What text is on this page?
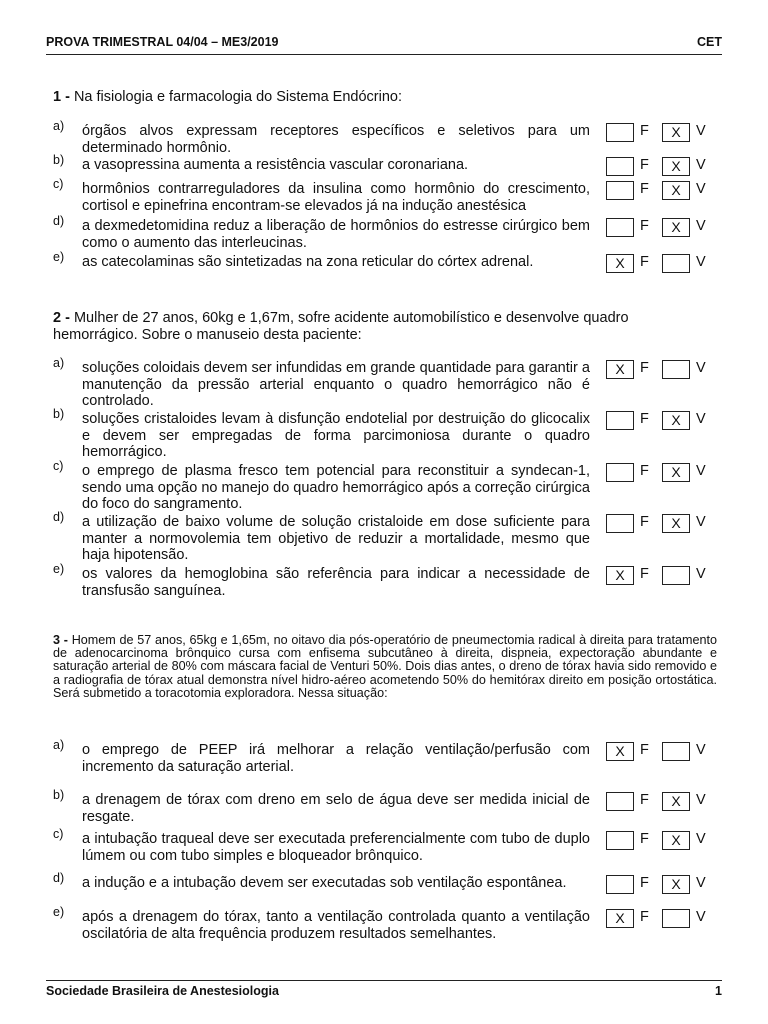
PROVA TRIMESTRAL 04/04 – ME3/2019	CET
1 - Na fisiologia e farmacologia do Sistema Endócrino:
a) órgãos alvos expressam receptores específicos e seletivos para um determinado hormônio.
F	X	V
b) a vasopressina aumenta a resistência vascular coronariana.	F	X	V
c) hormônios contrarreguladores da insulina como hormônio do crescimento, cortisol e epinefrina encontram-se elevados já na indução anestésica
F	X	V
d) a dexmedetomidina reduz a liberação de hormônios do estresse cirúrgico bem como o aumento das interleucinas.
F	X	V
e) as catecolaminas são sintetizadas na zona reticular do córtex adrenal.	X	F	V
2 - Mulher de 27 anos, 60kg e 1,67m, sofre acidente automobilístico e desenvolve quadro hemorrágico. Sobre o manuseio desta paciente:
a) soluções coloidais devem ser infundidas em grande quantidade para garantir a manutenção da pressão arterial enquanto o quadro hemorrágico não é controlado.
X	F	V
b) soluções cristaloides levam à disfunção endotelial por destruição do glicocalix e devem ser empregadas de forma parcimoniosa durante o quadro hemorrágico.
F	X	V
c) o emprego de plasma fresco tem potencial para reconstituir a syndecan-1, sendo uma opção no manejo do quadro hemorrágico após a correção cirúrgica do foco do sangramento.
F	X	V
d) a utilização de baixo volume de solução cristaloide em dose suficiente para manter a normovolemia tem objetivo de reduzir a mortalidade, mesmo que haja hipotensão.
F	X	V
e) os valores da hemoglobina são referência para indicar a necessidade de transfusão sanguínea.
X	F	V
3 - Homem de 57 anos, 65kg e 1,65m, no oitavo dia pós-operatório de pneumectomia radical à direita para tratamento de adenocarcinoma brônquico cursa com enfisema subcutâneo à direita, dispneia, expectoração abundante e saturação arterial de 80% com máscara facial de Venturi 50%. Dois dias antes, o dreno de tórax havia sido removido e a radiografia de tórax atual demonstra nível hidro-aéreo acometendo 50% do hemitórax direito em posição ortostática. Será submetido a toracotomia exploradora. Nessa situação:
a) o emprego de PEEP irá melhorar a relação ventilação/perfusão com incremento da saturação arterial.
X	F	V
b) a drenagem de tórax com dreno em selo de água deve ser medida inicial de resgate.
F	X	V
c) a intubação traqueal deve ser executada preferencialmente com tubo de duplo lúmem ou com tubo simples e bloqueador brônquico.
F	X	V
d) a indução e a intubação devem ser executadas sob ventilação espontânea.	F	X	V
e) após a drenagem do tórax, tanto a ventilação controlada quanto a ventilação oscilatória de alta frequência produzem resultados semelhantes.
X	F	V
Sociedade Brasileira de Anestesiologia	1
